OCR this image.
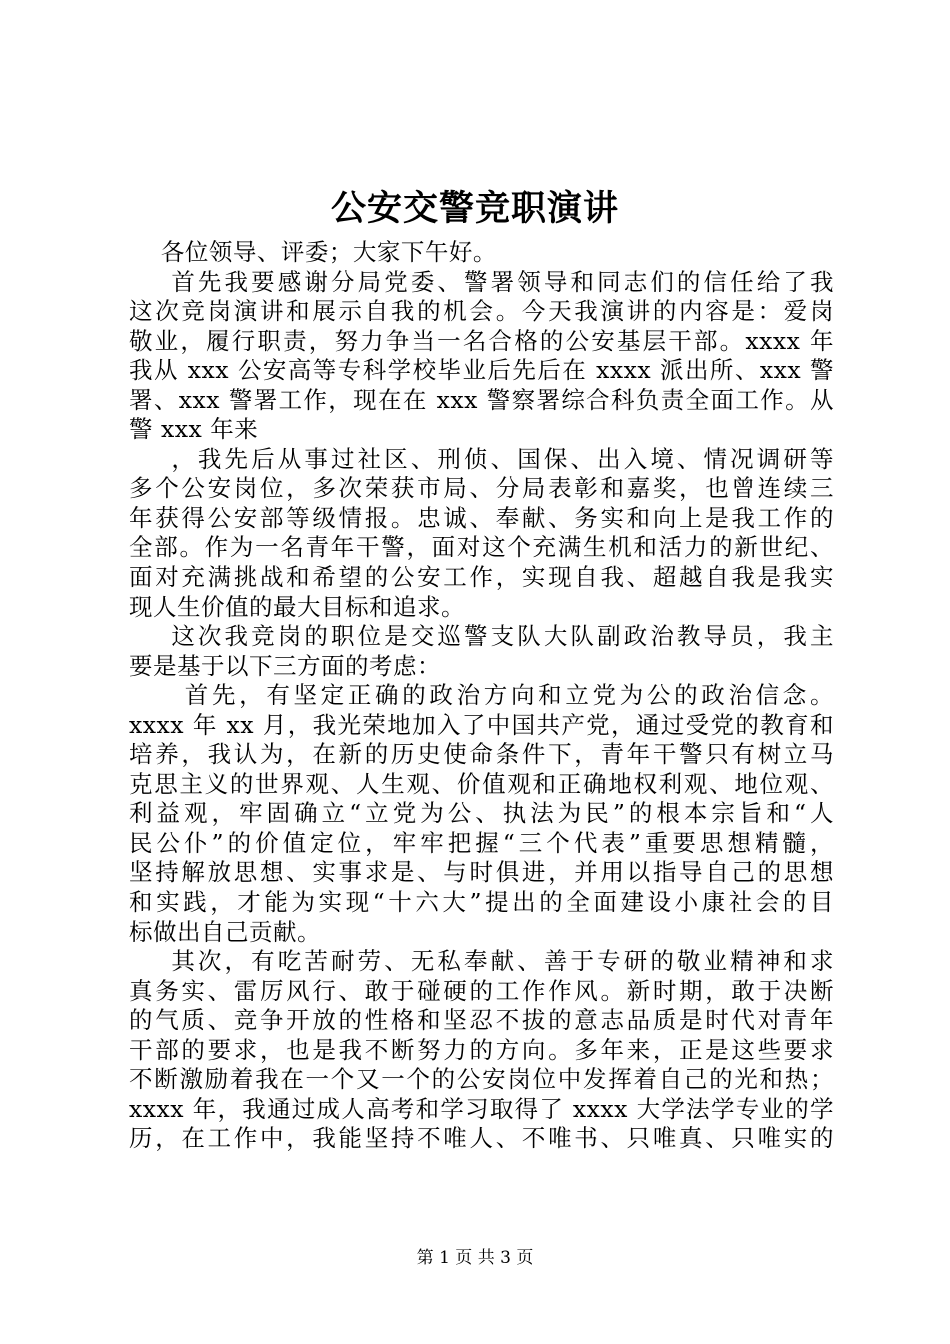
公安交警竞职演讲
各位领导、评委；大家下午好。
首先我要感谢分局党委、警署领导和同志们的信任给了我
这次竞岗演讲和展示自我的机会。今天我演讲的内容是：爱岗
敬业，履行职责，努力争当一名合格的公安基层干部。xxxx 年
我从 xxx 公安高等专科学校毕业后先后在 xxxx 派出所、xxx 警
署、xxx 警署工作，现在在 xxx 警察署综合科负责全面工作。从
警 xxx 年来
，我先后从事过社区、刑侦、国保、出入境、情况调研等
多个公安岗位，多次荣获市局、分局表彰和嘉奖，也曾连续三
年获得公安部等级情报。忠诚、奉献、务实和向上是我工作的
全部。作为一名青年干警，面对这个充满生机和活力的新世纪、
面对充满挑战和希望的公安工作，实现自我、超越自我是我实
现人生价值的最大目标和追求。
这次我竞岗的职位是交巡警支队大队副政治教导员，我主
要是基于以下三方面的考虑：
首先，有坚定正确的政治方向和立党为公的政治信念。
xxxx 年 xx 月，我光荣地加入了中国共产党，通过受党的教育和
培养，我认为，在新的历史使命条件下，青年干警只有树立马
克思主义的世界观、人生观、价值观和正确地权利观、地位观、
利益观，牢固确立“立党为公、执法为民”的根本宗旨和“人
民公仆”的价值定位，牢牢把握“三个代表”重要思想精髓，
坚持解放思想、实事求是、与时俱进，并用以指导自己的思想
和实践，才能为实现“十六大”提出的全面建设小康社会的目
标做出自己贡献。
其次，有吃苦耐劳、无私奉献、善于专研的敬业精神和求
真务实、雷厉风行、敢于碰硬的工作作风。新时期，敢于决断
的气质、竞争开放的性格和坚忍不拔的意志品质是时代对青年
干部的要求，也是我不断努力的方向。多年来，正是这些要求
不断激励着我在一个又一个的公安岗位中发挥着自己的光和热；
xxxx 年，我通过成人高考和学习取得了 xxxx 大学法学专业的学
历，在工作中，我能坚持不唯人、不唯书、只唯真、只唯实的
第 1 页 共 3 页
